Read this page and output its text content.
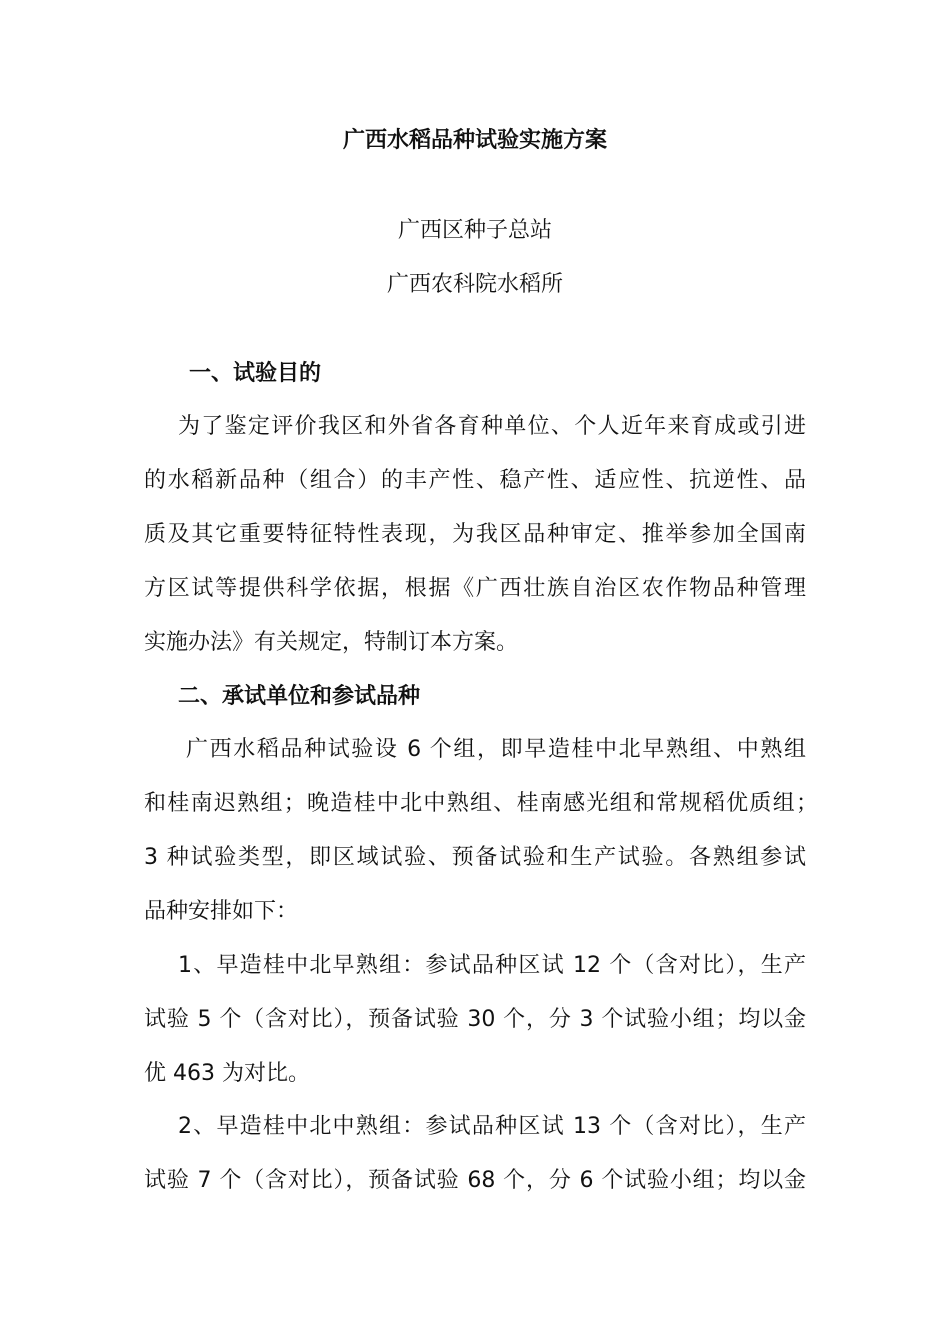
广西水稻品种试验实施方案
广西区种子总站
广西农科院水稻所
一、试验目的
为了鉴定评价我区和外省各育种单位、个人近年来育成或引进
的水稻新品种（组合）的丰产性、稳产性、适应性、抗逆性、品
质及其它重要特征特性表现，为我区品种审定、推举参加全国南
方区试等提供科学依据，根据《广西壮族自治区农作物品种管理
实施办法》有关规定，特制订本方案。
二、承试单位和参试品种
广西水稻品种试验设 6 个组，即早造桂中北早熟组、中熟组
和桂南迟熟组；晚造桂中北中熟组、桂南感光组和常规稻优质组；
3 种试验类型，即区域试验、预备试验和生产试验。各熟组参试
品种安排如下：
1、早造桂中北早熟组：参试品种区试 12 个（含对比），生产
试验 5 个（含对比），预备试验 30 个，分 3 个试验小组；均以金
优 463 为对比。
2、早造桂中北中熟组：参试品种区试 13 个（含对比），生产
试验 7 个（含对比），预备试验 68 个，分 6 个试验小组；均以金
